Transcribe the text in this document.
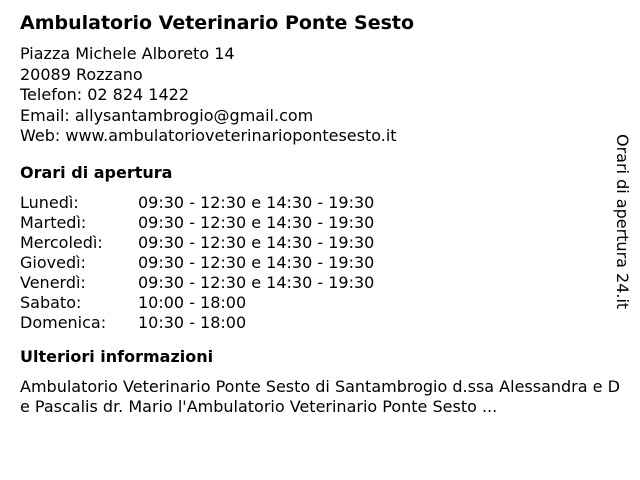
Ambulatorio Veterinario Ponte Sesto
Piazza Michele Alboreto 14
20089 Rozzano
Telefon: 02 824 1422
Email: allysantambrogio@gmail.com
Web: www.ambulatorioveterinariopontesesto.it
Orari di apertura
Lunedì:	09:30 - 12:30 e 14:30 - 19:30
Martedì:	09:30 - 12:30 e 14:30 - 19:30
Mercoledì:	09:30 - 12:30 e 14:30 - 19:30
Giovedì:	09:30 - 12:30 e 14:30 - 19:30
Venerdì:	09:30 - 12:30 e 14:30 - 19:30
Sabato:	10:00 - 18:00
Domenica:	10:30 - 18:00
Ulteriori informazioni
Ambulatorio Veterinario Ponte Sesto di Santambrogio d.ssa Alessandra e De Pascalis dr. Mario l'Ambulatorio Veterinario Ponte Sesto ...
Orari di apertura 24.it
